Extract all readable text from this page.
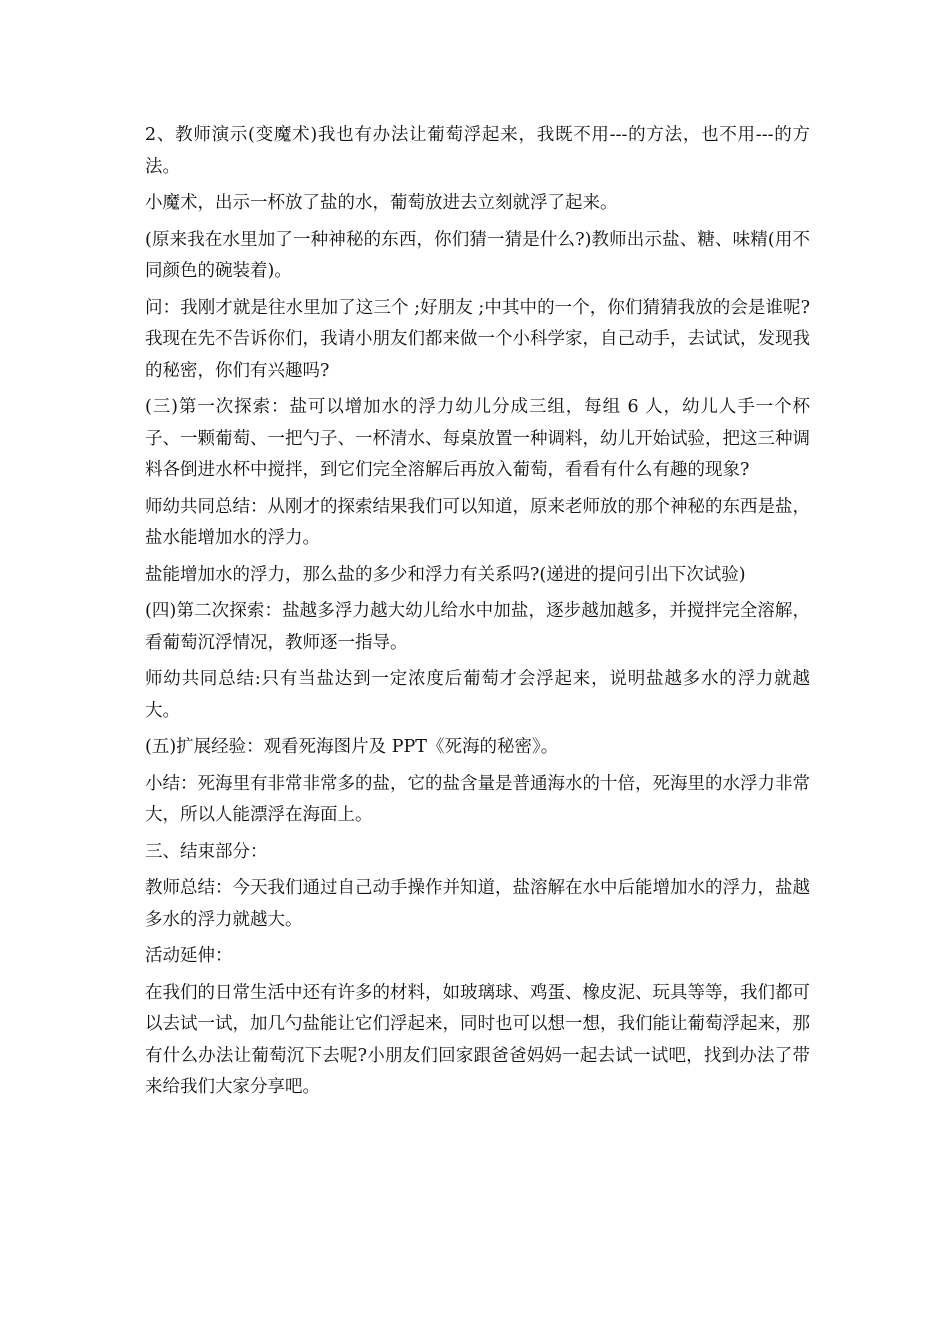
2、教师演示(变魔术)我也有办法让葡萄浮起来，我既不用---的方法，也不用---的方法。

小魔术，出示一杯放了盐的水，葡萄放进去立刻就浮了起来。

(原来我在水里加了一种神秘的东西，你们猜一猜是什么?)教师出示盐、糖、味精(用不同颜色的碗装着)。

问：我刚才就是往水里加了这三个 ;好朋友 ;中其中的一个，你们猜猜我放的会是谁呢?我现在先不告诉你们，我请小朋友们都来做一个小科学家，自己动手，去试试，发现我的秘密，你们有兴趣吗?

(三)第一次探索：盐可以增加水的浮力幼儿分成三组，每组 6 人，幼儿人手一个杯子、一颗葡萄、一把勺子、一杯清水、每桌放置一种调料，幼儿开始试验，把这三种调料各倒进水杯中搅拌，到它们完全溶解后再放入葡萄，看看有什么有趣的现象?

师幼共同总结：从刚才的探索结果我们可以知道，原来老师放的那个神秘的东西是盐，盐水能增加水的浮力。

盐能增加水的浮力，那么盐的多少和浮力有关系吗?(递进的提问引出下次试验)

(四)第二次探索：盐越多浮力越大幼儿给水中加盐，逐步越加越多，并搅拌完全溶解，看葡萄沉浮情况，教师逐一指导。

师幼共同总结:只有当盐达到一定浓度后葡萄才会浮起来，说明盐越多水的浮力就越大。

(五)扩展经验：观看死海图片及 PPT《死海的秘密》。

小结：死海里有非常非常多的盐，它的盐含量是普通海水的十倍，死海里的水浮力非常大，所以人能漂浮在海面上。

三、结束部分：

教师总结：今天我们通过自己动手操作并知道，盐溶解在水中后能增加水的浮力，盐越多水的浮力就越大。

活动延伸：

在我们的日常生活中还有许多的材料，如玻璃球、鸡蛋、橡皮泥、玩具等等，我们都可以去试一试，加几勺盐能让它们浮起来，同时也可以想一想，我们能让葡萄浮起来，那有什么办法让葡萄沉下去呢?小朋友们回家跟爸爸妈妈一起去试一试吧，找到办法了带来给我们大家分享吧。
